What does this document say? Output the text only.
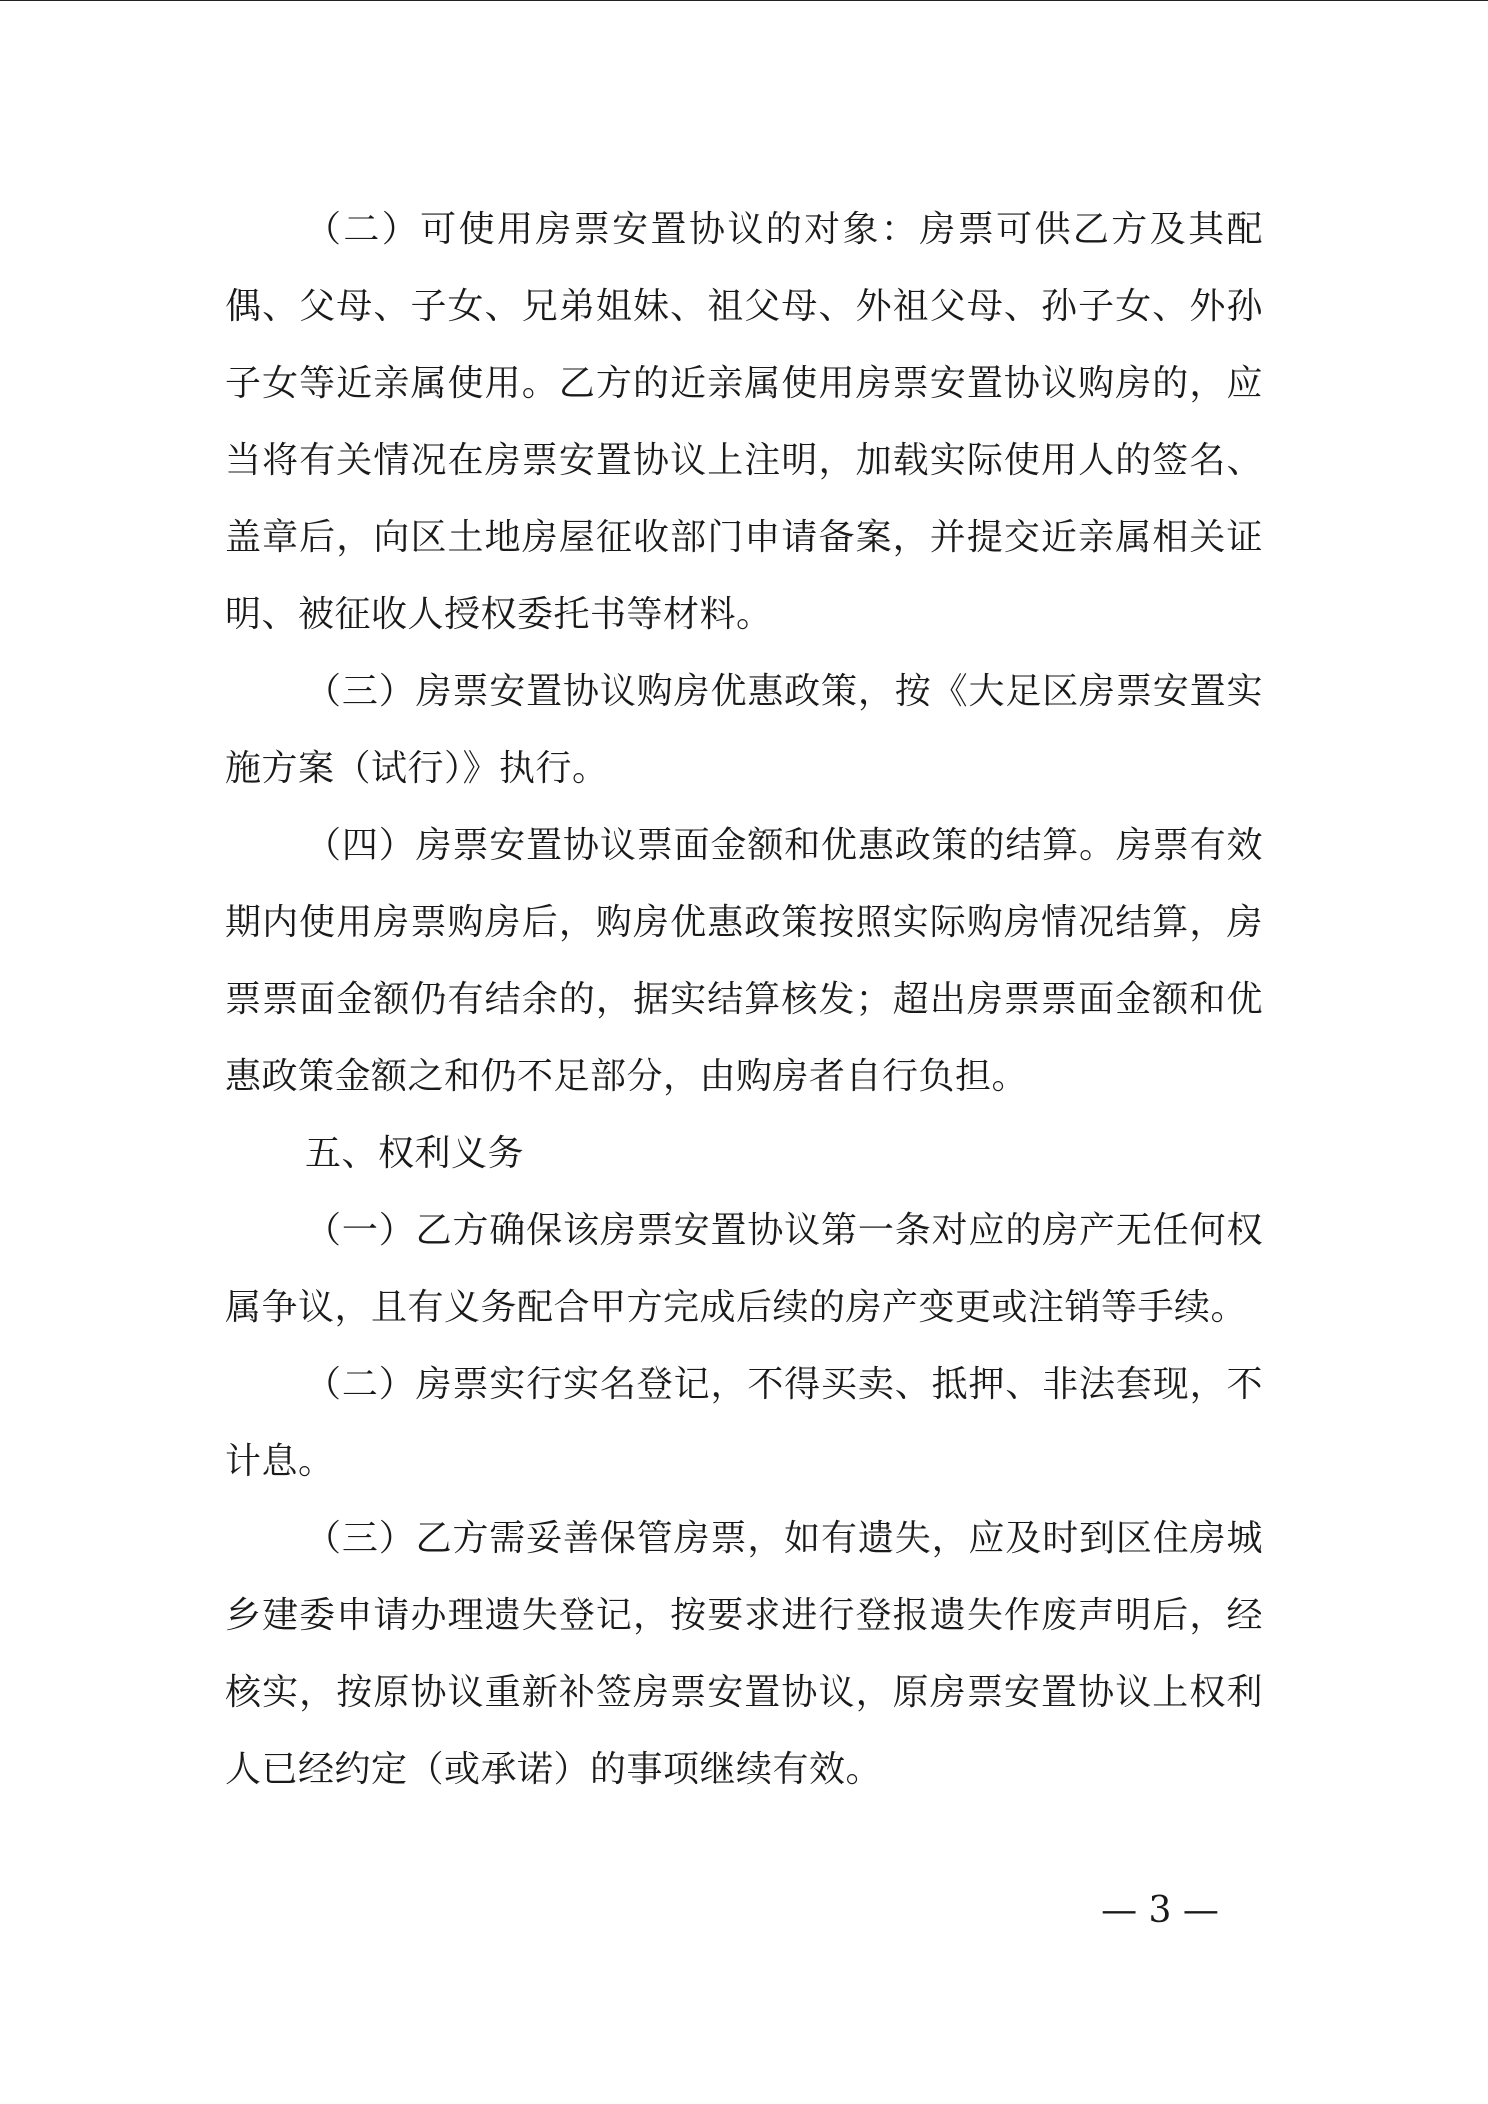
（二）可使用房票安置协议的对象：房票可供乙方及其配偶、父母、子女、兄弟姐妹、祖父母、外祖父母、孙子女、外孙子女等近亲属使用。乙方的近亲属使用房票安置协议购房的，应当将有关情况在房票安置协议上注明，加载实际使用人的签名、盖章后，向区土地房屋征收部门申请备案，并提交近亲属相关证明、被征收人授权委托书等材料。

（三）房票安置协议购房优惠政策，按《大足区房票安置实施方案（试行）》执行。

（四）房票安置协议票面金额和优惠政策的结算。房票有效期内使用房票购房后，购房优惠政策按照实际购房情况结算，房票票面金额仍有结余的，据实结算核发；超出房票票面金额和优惠政策金额之和仍不足部分，由购房者自行负担。

五、权利义务

（一）乙方确保该房票安置协议第一条对应的房产无任何权属争议，且有义务配合甲方完成后续的房产变更或注销等手续。

（二）房票实行实名登记，不得买卖、抵押、非法套现，不计息。

（三）乙方需妥善保管房票，如有遗失，应及时到区住房城乡建委申请办理遗失登记，按要求进行登报遗失作废声明后，经核实，按原协议重新补签房票安置协议，原房票安置协议上权利人已经约定（或承诺）的事项继续有效。

— 3 —
